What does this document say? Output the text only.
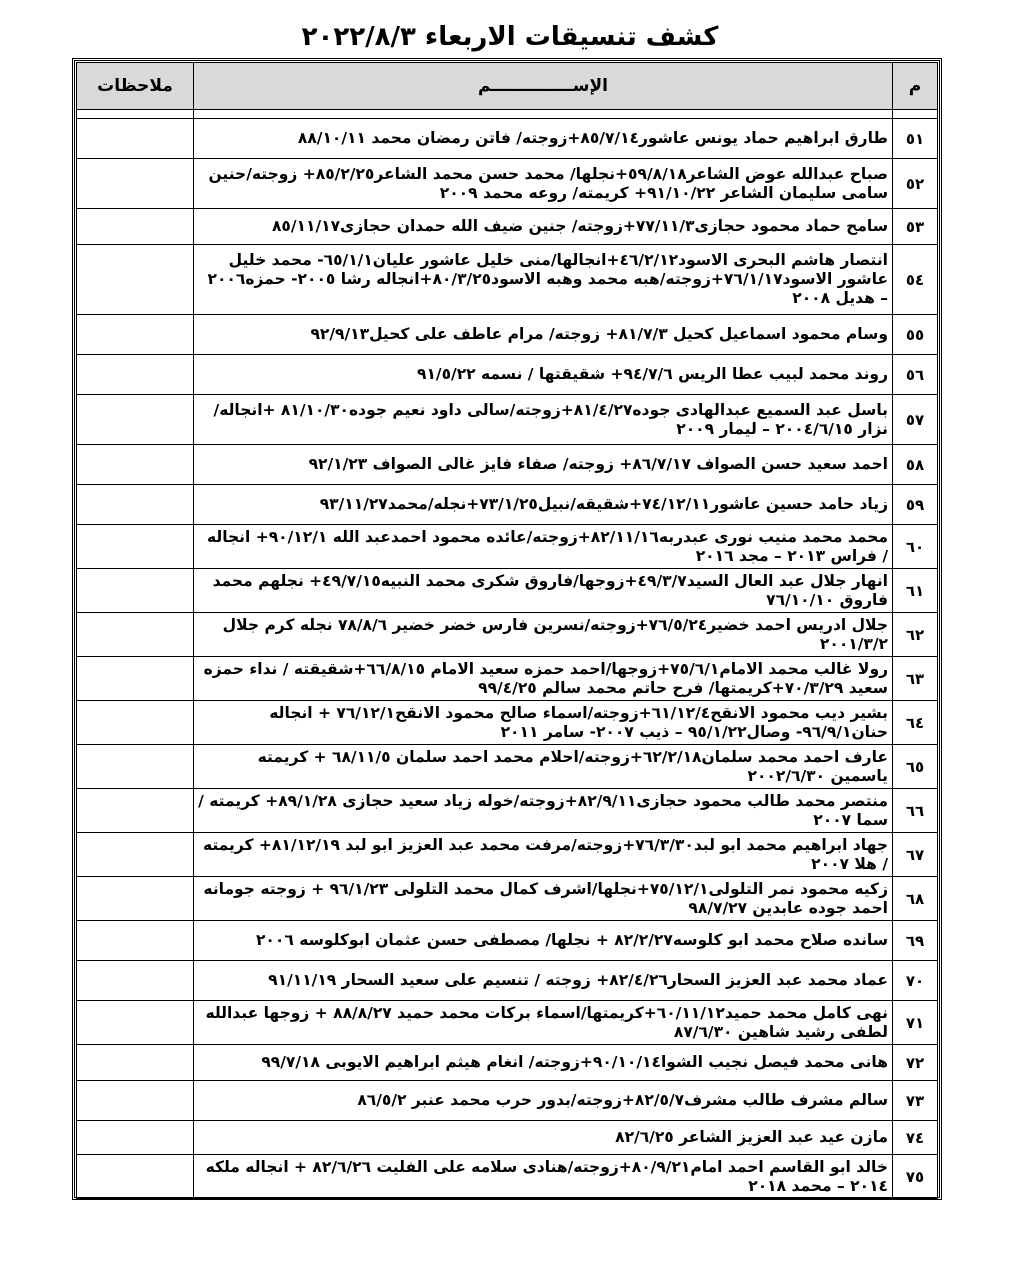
كشف تنسيقات الاربعاء ٢٠٢٢/٨/٣
م	الإســــــــــــــم	ملاحظات

٥١	طارق ابراهيم حماد يونس عاشور٨٥/٧/١٤+زوجته/ فاتن رمضان محمد ٨٨/١٠/١١	
٥٢	صباح عبدالله عوض الشاعر٥٩/٨/١٨+نجلها/ محمد حسن محمد الشاعر٨٥/٢/٢٥+ زوجته/حنين سامى سليمان الشاعر ٩١/١٠/٢٢+ كريمته/ روعه محمد ٢٠٠٩	
٥٣	سامح حماد محمود حجازى٧٧/١١/٣+زوجته/ جنين ضيف الله حمدان حجازى٨٥/١١/١٧	
٥٤	انتصار هاشم البحرى الاسود٤٦/٢/١٢+انجالها/منى خليل عاشور عليان٦٥/١/١- محمد خليل عاشور الاسود٧٦/١/١٧+زوجته/هبه محمد وهبه الاسود٨٠/٣/٢٥+انجاله رشا ٢٠٠٥- حمزه٢٠٠٦ – هديل ٢٠٠٨	
٥٥	وسام محمود اسماعيل كحيل ٨١/٧/٣+ زوجته/ مرام عاطف على كحيل٩٢/٩/١٣	
٥٦	روند محمد لبيب عطا الريس ٩٤/٧/٦+ شقيقتها / نسمه ٩١/٥/٢٢	
٥٧	باسل عبد السميع عبدالهادى جوده٨١/٤/٢٧+زوجته/سالى داود نعيم جوده٨١/١٠/٣٠ +انجاله/ نزار ٢٠٠٤/٦/١٥ – ليمار ٢٠٠٩	
٥٨	احمد سعيد حسن الصواف ٨٦/٧/١٧+ زوجته/ صفاء فايز غالى الصواف ٩٢/١/٢٣	
٥٩	زياد حامد حسين عاشور٧٤/١٢/١١+شقيقه/نبيل٧٣/١/٢٥+نجله/محمد٩٣/١١/٢٧	
٦٠	محمد محمد منيب نورى عبدربه٨٢/١١/١٦+زوجته/عائده محمود احمدعبد الله ٩٠/١٢/١+ انجاله / فراس ٢٠١٣ – مجد ٢٠١٦	
٦١	انهار جلال عبد العال السيد٤٩/٣/٧+زوجها/فاروق شكرى محمد النبيه٤٩/٧/١٥+ نجلهم محمد فاروق ٧٦/١٠/١٠	
٦٢	جلال ادريس احمد خضير٧٦/٥/٢٤+زوجته/نسرين فارس خضر خضير ٧٨/٨/٦ نجله كرم جلال ٢٠٠١/٣/٢	
٦٣	رولا غالب محمد الامام٧٥/٦/١+زوجها/احمد حمزه سعيد الامام ٦٦/٨/١٥+شقيقته / نداء حمزه سعيد ٧٠/٣/٢٩+كريمتها/ فرح حاتم محمد سالم ٩٩/٤/٢٥	
٦٤	بشير ديب محمود الانقح٦١/١٢/٤+زوجته/اسماء صالح محمود الانقح٧٦/١٢/١ + انجاله حنان٩٦/٩/١- وصال٩٥/١/٢٢ – ذيب ٢٠٠٧- سامر ٢٠١١	
٦٥	عارف احمد محمد سلمان٦٢/٢/١٨+زوجته/احلام محمد احمد سلمان ٦٨/١١/٥ + كريمته ياسمين ٢٠٠٢/٦/٣٠	
٦٦	منتصر محمد طالب محمود حجازى٨٢/٩/١١+زوجته/خوله زياد سعيد حجازى ٨٩/١/٢٨+ كريمته / سما ٢٠٠٧	
٦٧	جهاد ابراهيم محمد ابو لبد٧٦/٣/٣٠+زوجته/مرفت محمد عبد العزيز ابو لبد ٨١/١٢/١٩+ كريمته / هلا ٢٠٠٧	
٦٨	زكيه محمود نمر التلولى٧٥/١٢/١+نجلها/اشرف كمال محمد التلولى ٩٦/١/٢٣ + زوجته جومانه احمد جوده عابدين ٩٨/٧/٢٧	
٦٩	سانده صلاح محمد ابو كلوسه٨٢/٢/٢٧ + نجلها/ مصطفى حسن عثمان ابوكلوسه ٢٠٠٦	
٧٠	عماد محمد عبد العزيز السحار٨٢/٤/٢٦+ زوجته / تنسيم على سعيد السحار ٩١/١١/١٩	
٧١	نهى كامل محمد حميد٦٠/١١/١٢+كريمتها/اسماء بركات محمد حميد ٨٨/٨/٢٧ + زوجها عبدالله لطفى رشيد شاهين ٨٧/٦/٣٠	
٧٢	هانى محمد فيصل نجيب الشوا٩٠/١٠/١٤+زوجته/ انغام هيثم ابراهيم الايوبى ٩٩/٧/١٨	
٧٣	سالم مشرف طالب مشرف٨٢/٥/٧+زوجته/بدور حرب محمد عنبر ٨٦/٥/٢	
٧٤	مازن عيد عبد العزيز الشاعر ٨٢/٦/٢٥	
٧٥	خالد ابو القاسم احمد امام٨٠/٩/٢١+زوجته/هنادى سلامه على الفليت ٨٢/٦/٢٦ + انجاله ملكه ٢٠١٤ – محمد ٢٠١٨	
